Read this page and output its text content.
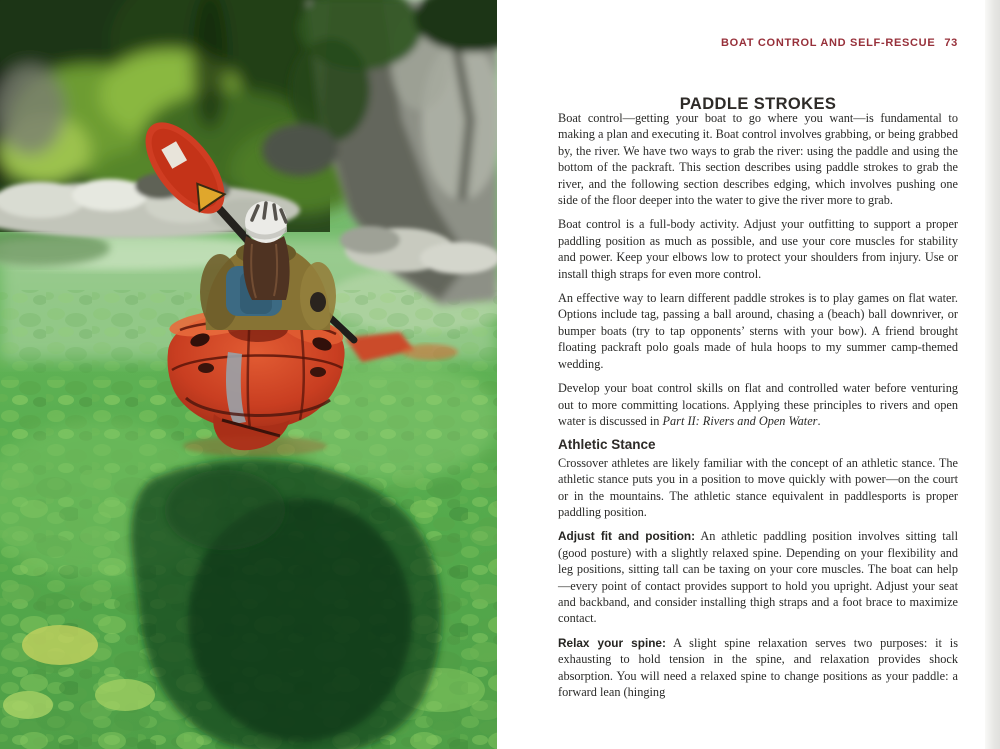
BOAT CONTROL AND SELF-RESCUE 73
PADDLE STROKES

Boat control—getting your boat to go where you want—is fundamental to making a plan and executing it. Boat control involves grabbing, or being grabbed by, the river. We have two ways to grab the river: using the paddle and using the bottom of the packraft. This section describes using paddle strokes to grab the river, and the following section describes edging, which involves pushing one side of the floor deeper into the water to give the river more to grab.

Boat control is a full-body activity. Adjust your outfitting to support a proper paddling position as much as possible, and use your core muscles for stability and power. Keep your elbows low to protect your shoulders from injury. Use or install thigh straps for even more control.

An effective way to learn different paddle strokes is to play games on flat water. Options include tag, passing a ball around, chasing a (beach) ball downriver, or bumper boats (try to tap opponents’ sterns with your bow). A friend brought floating packraft polo goals made of hula hoops to my summer camp-themed wedding.

Develop your boat control skills on flat and controlled water before venturing out to more committing locations. Applying these principles to rivers and open water is discussed in Part II: Rivers and Open Water.

Athletic Stance

Crossover athletes are likely familiar with the concept of an athletic stance. The athletic stance puts you in a position to move quickly with power—on the court or in the mountains. The athletic stance equivalent in paddlesports is proper paddling position.

Adjust fit and position: An athletic paddling position involves sitting tall (good posture) with a slightly relaxed spine. Depending on your flexibility and leg positions, sitting tall can be taxing on your core muscles. The boat can help—every point of contact provides support to hold you upright. Adjust your seat and backband, and consider installing thigh straps and a foot brace to maximize contact.

Relax your spine: A slight spine relaxation serves two purposes: it is exhausting to hold tension in the spine, and relaxation provides shock absorption. You will need a relaxed spine to change positions as your paddle: a forward lean (hinging
